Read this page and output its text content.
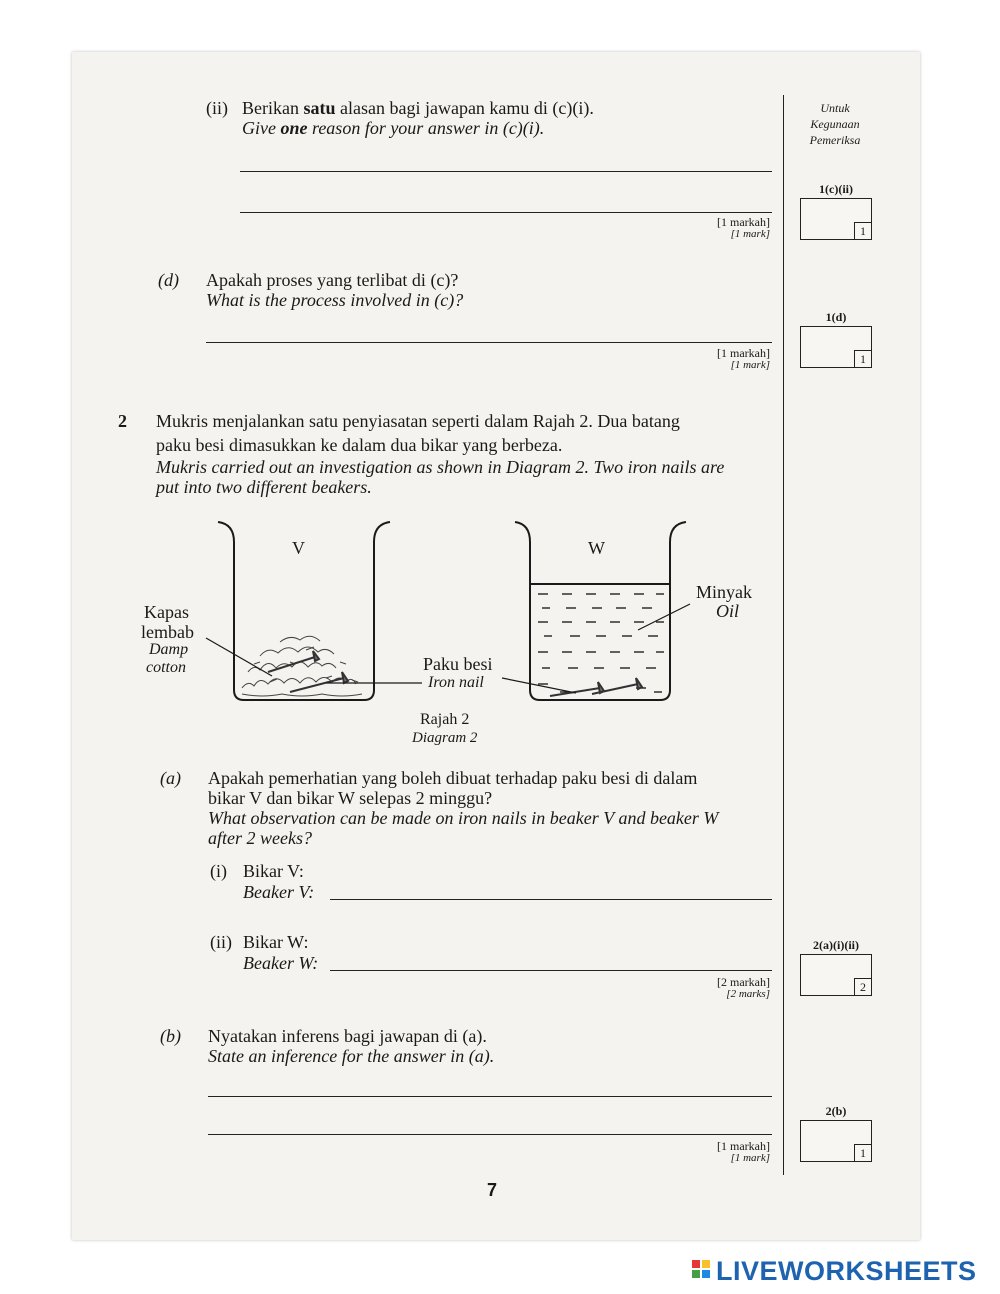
Untuk
Kegunaan
Pemeriksa
(ii) Berikan satu alasan bagi jawapan kamu di (c)(i).
Give one reason for your answer in (c)(i).
[1 markah]
[1 mark]
(d) Apakah proses yang terlibat di (c)?
What is the process involved in (c)?
[1 markah]
[1 mark]
2 Mukris menjalankan satu penyiasatan seperti dalam Rajah 2. Dua batang
paku besi dimasukkan ke dalam dua bikar yang berbeza.
Mukris carried out an investigation as shown in Diagram 2. Two iron nails are
put into two different beakers.
V	W
Kapas
lembab
Damp
cotton
Minyak
Oil
Paku besi
Iron nail
Rajah 2
Diagram 2
(a) Apakah pemerhatian yang boleh dibuat terhadap paku besi di dalam
bikar V dan bikar W selepas 2 minggu?
What observation can be made on iron nails in beaker V and beaker W
after 2 weeks?
(i) Bikar V:
Beaker V:
(ii) Bikar W:
Beaker W:
[2 markah]
[2 marks]
(b) Nyatakan inferens bagi jawapan di (a).
State an inference for the answer in (a).
[1 markah]
[1 mark]
1(c)(ii)
1
1(d)
1
2(a)(i)(ii)
2
2(b)
1
7
LIVEWORKSHEETS
